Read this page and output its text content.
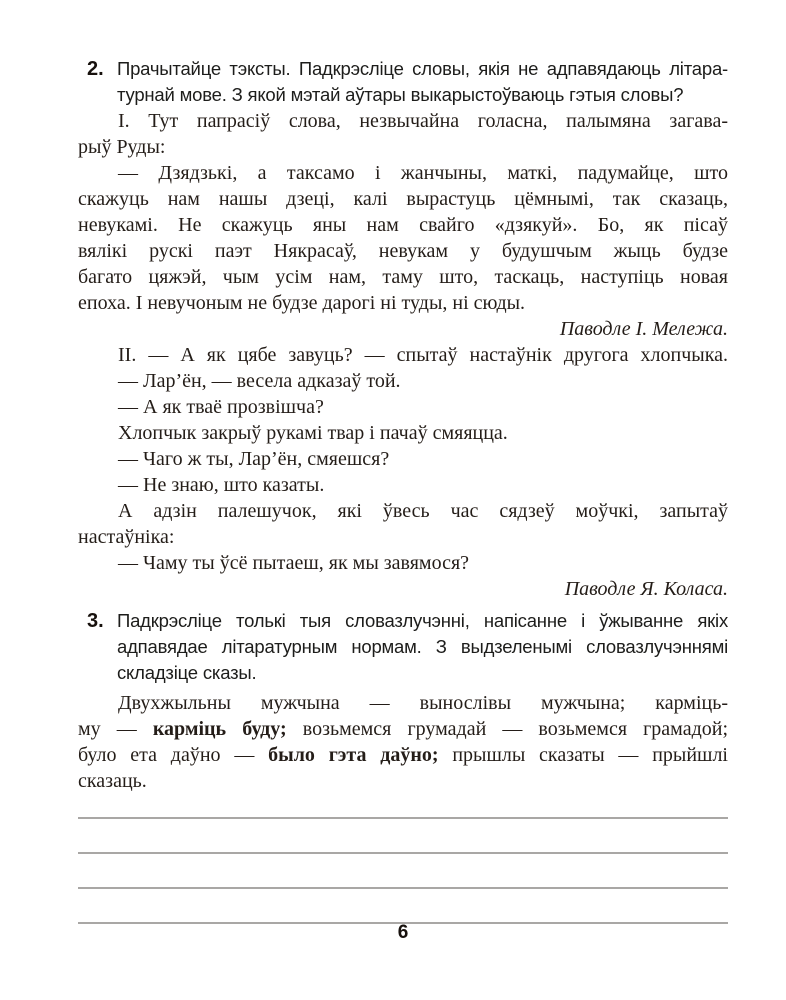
2. Прачытайце тэксты. Падкрэсліце словы, якія не адпавядаюць літара-
турнай мове. З якой мэтай аўтары выкарыстоўваюць гэтыя словы?
І. Тут папрасіў слова, незвычайна голасна, палымяна загава-
рыў Руды:
— Дзядзькі, а таксамо і жанчыны, маткі, падумайце, што
скажуць нам нашы дзеці, калі вырастуць цёмнымі, так сказаць,
невукамі. Не скажуць яны нам свайго «дзякуй». Бо, як пісаў
вялікі рускі паэт Някрасаў, невукам у будушчым жыць будзе
багато цяжэй, чым усім нам, таму што, таскаць, наступіць новая
епоха. І невучоным не будзе дарогі ні туды, ні сюды.
Паводле І. Мележа.
ІІ. — А як цябе завуць? — спытаў настаўнік другога хлопчыка.
— Лар’ён, — весела адказаў той.
— А як тваё прозвішча?
Хлопчык закрыў рукамі твар і пачаў смяяцца.
— Чаго ж ты, Лар’ён, смяешся?
— Не знаю, што казаты.
А адзін палешучок, які ўвесь час сядзеў моўчкі, запытаў
настаўніка:
— Чаму ты ўсё пытаеш, як мы завямося?
Паводле Я. Коласа.
3. Падкрэсліце толькі тыя словазлучэнні, напісанне і ўжыванне якіх
адпавядае літаратурным нормам. З выдзеленымі словазлучэннямі
складзіце сказы.
Двухжыльны мужчына — вынослівы мужчына; карміць-
му — карміць буду; возьмемся грумадай — возьмемся грамадой;
було ета даўно — было гэта даўно; прышлы сказаты — прыйшлі
сказаць.
6
